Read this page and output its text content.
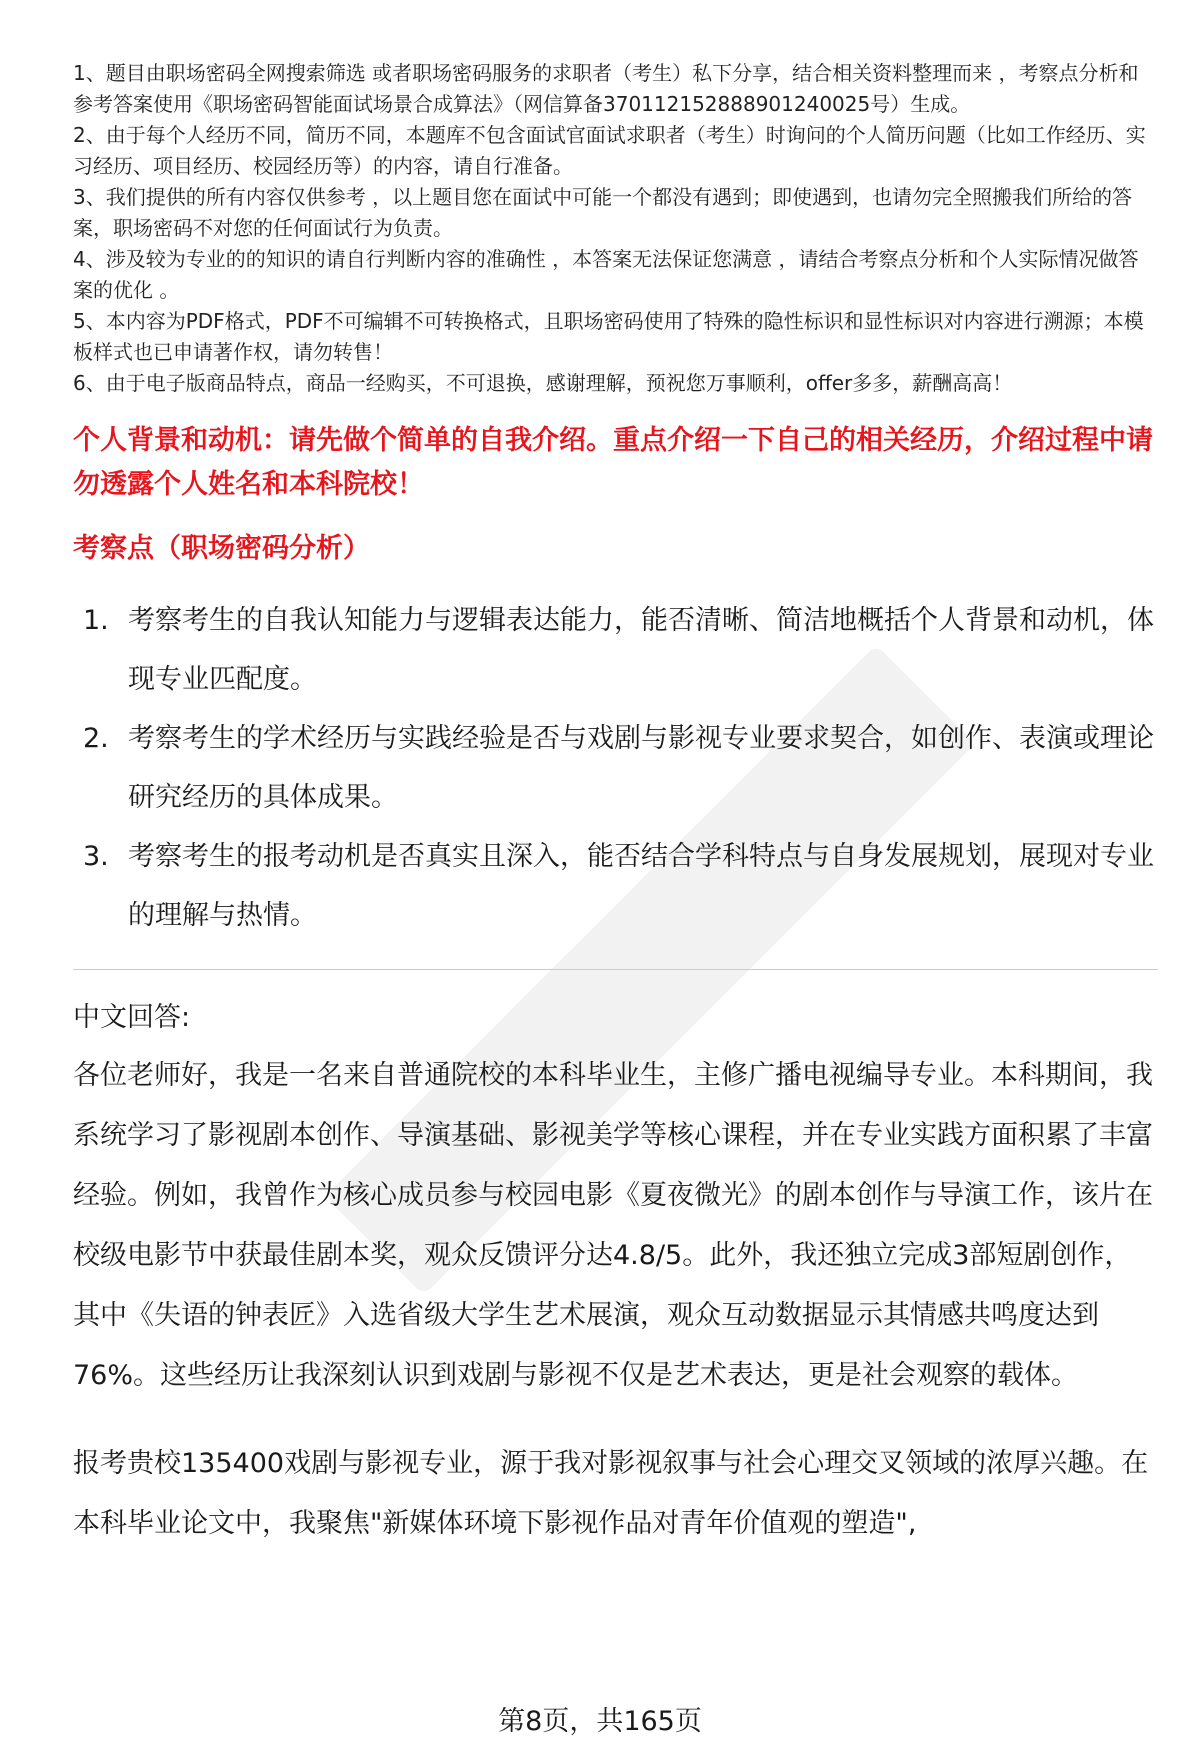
1、题目由职场密码全网搜索筛选 或者职场密码服务的求职者（考生）私下分享，结合相关资料整理而来 ，考察点分析和参考答案使用《职场密码智能面试场景合成算法》（网信算备370112152888901240025号）生成。

2、由于每个人经历不同，简历不同，本题库不包含面试官面试求职者（考生）时询问的个人简历问题（比如工作经历、实习经历、项目经历、校园经历等）的内容，请自行准备。

3、我们提供的所有内容仅供参考 ，以上题目您在面试中可能一个都没有遇到；即使遇到，也请勿完全照搬我们所给的答案，职场密码不对您的任何面试行为负责。

4、涉及较为专业的的知识的请自行判断内容的准确性 ，本答案无法保证您满意 ，请结合考察点分析和个人实际情况做答案的优化 。

5、本内容为PDF格式，PDF不可编辑不可转换格式，且职场密码使用了特殊的隐性标识和显性标识对内容进行溯源；本模板样式也已申请著作权，请勿转售！

6、由于电子版商品特点，商品一经购买，不可退换，感谢理解，预祝您万事顺利，offer多多，薪酬高高！

个人背景和动机：请先做个简单的自我介绍。重点介绍一下自己的相关经历，介绍过程中请勿透露个人姓名和本科院校！
考察点（职场密码分析）
1. 考察考生的自我认知能力与逻辑表达能力，能否清晰、简洁地概括个人背景和动机，体现专业匹配度。
2. 考察考生的学术经历与实践经验是否与戏剧与影视专业要求契合，如创作、表演或理论研究经历的具体成果。
3. 考察考生的报考动机是否真实且深入，能否结合学科特点与自身发展规划，展现对专业的理解与热情。
中文回答:

各位老师好，我是一名来自普通院校的本科毕业生，主修广播电视编导专业。本科期间，我系统学习了影视剧本创作、导演基础、影视美学等核心课程，并在专业实践方面积累了丰富经验。例如，我曾作为核心成员参与校园电影《夏夜微光》的剧本创作与导演工作，该片在校级电影节中获最佳剧本奖，观众反馈评分达4.8/5。此外，我还独立完成3部短剧创作，其中《失语的钟表匠》入选省级大学生艺术展演，观众互动数据显示其情感共鸣度达到76%。这些经历让我深刻认识到戏剧与影视不仅是艺术表达，更是社会观察的载体。

报考贵校135400戏剧与影视专业，源于我对影视叙事与社会心理交叉领域的浓厚兴趣。在本科毕业论文中，我聚焦"新媒体环境下影视作品对青年价值观的塑造",

第8页，共165页
